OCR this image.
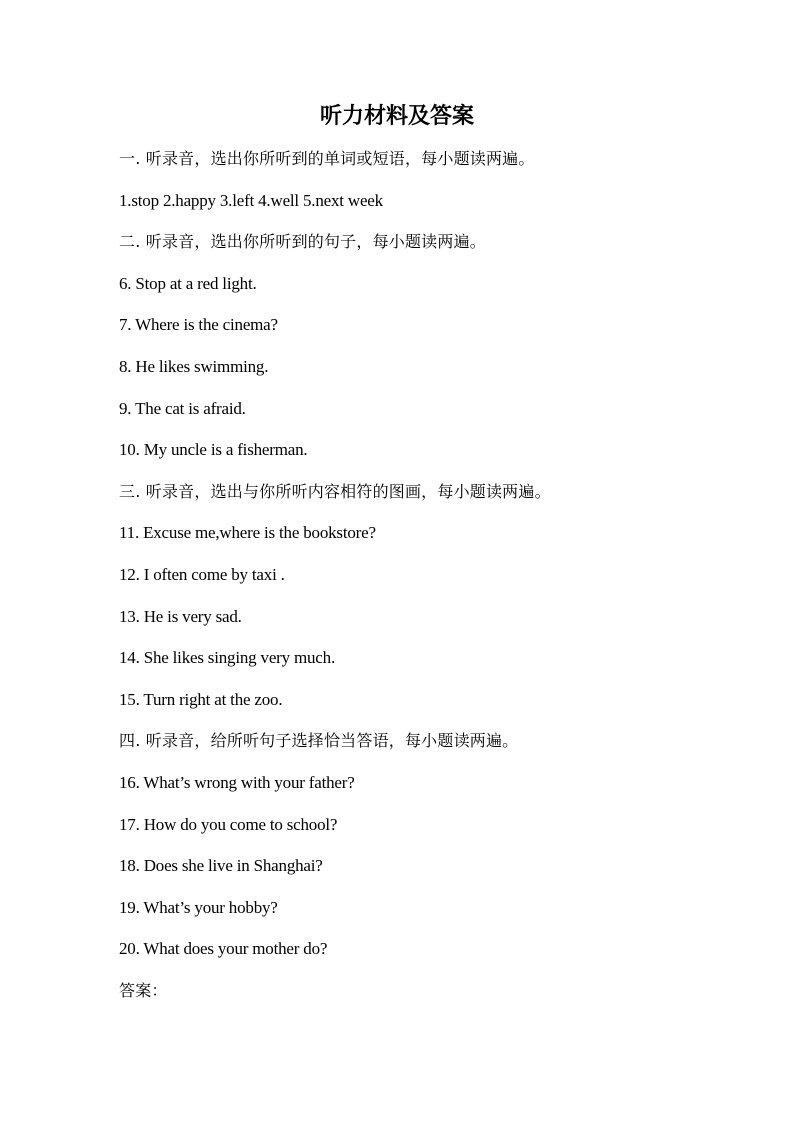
听力材料及答案
一. 听录音，选出你所听到的单词或短语，每小题读两遍。
1.stop 2.happy 3.left 4.well 5.next week
二. 听录音，选出你所听到的句子，每小题读两遍。
6. Stop at a red light.
7. Where is the cinema?
8. He likes swimming.
9. The cat is afraid.
10. My uncle is a fisherman.
三. 听录音，选出与你所听内容相符的图画，每小题读两遍。
11. Excuse me,where is the bookstore?
12. I often come by taxi .
13. He is very sad.
14. She likes singing very much.
15. Turn right at the zoo.
四. 听录音，给所听句子选择恰当答语，每小题读两遍。
16. What’s wrong with your father?
17. How do you come to school?
18. Does she live in Shanghai?
19. What’s your hobby?
20. What does your mother do?
答案：
